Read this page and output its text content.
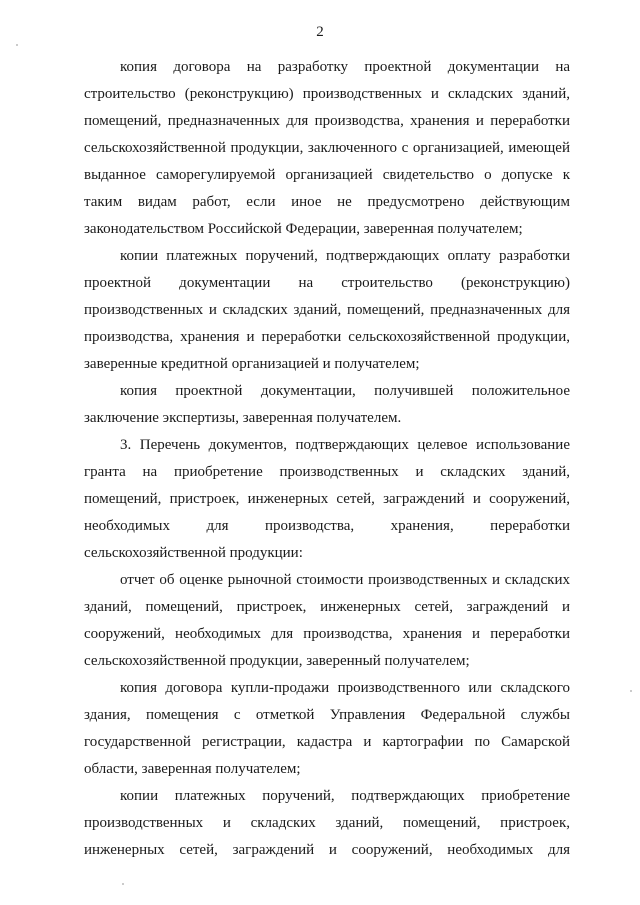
2
копия договора на разработку проектной документации на
строительство (реконструкцию) производственных и складских зданий,
помещений, предназначенных для производства, хранения и переработки
сельскохозяйственной продукции, заключенного с организацией, имеющей
выданное саморегулируемой организацией свидетельство о допуске к
таким видам работ, если иное не предусмотрено действующим
законодательством Российской Федерации, заверенная получателем;
копии платежных поручений, подтверждающих оплату разработки
проектной документации на строительство (реконструкцию)
производственных и складских зданий, помещений, предназначенных для
производства, хранения и переработки сельскохозяйственной продукции,
заверенные кредитной организацией и получателем;
копия проектной документации, получившей положительное
заключение экспертизы, заверенная получателем.
3. Перечень документов, подтверждающих целевое использование
гранта на приобретение производственных и складских зданий,
помещений, пристроек, инженерных сетей, заграждений и сооружений,
необходимых для производства, хранения, переработки
сельскохозяйственной продукции:
отчет об оценке рыночной стоимости производственных и складских
зданий, помещений, пристроек, инженерных сетей, заграждений и
сооружений, необходимых для производства, хранения и переработки
сельскохозяйственной продукции, заверенный получателем;
копия договора купли-продажи производственного или складского
здания, помещения с отметкой Управления Федеральной службы
государственной регистрации, кадастра и картографии по Самарской
области, заверенная получателем;
копии платежных поручений, подтверждающих приобретение
производственных и складских зданий, помещений, пристроек,
инженерных сетей, заграждений и сооружений, необходимых для
